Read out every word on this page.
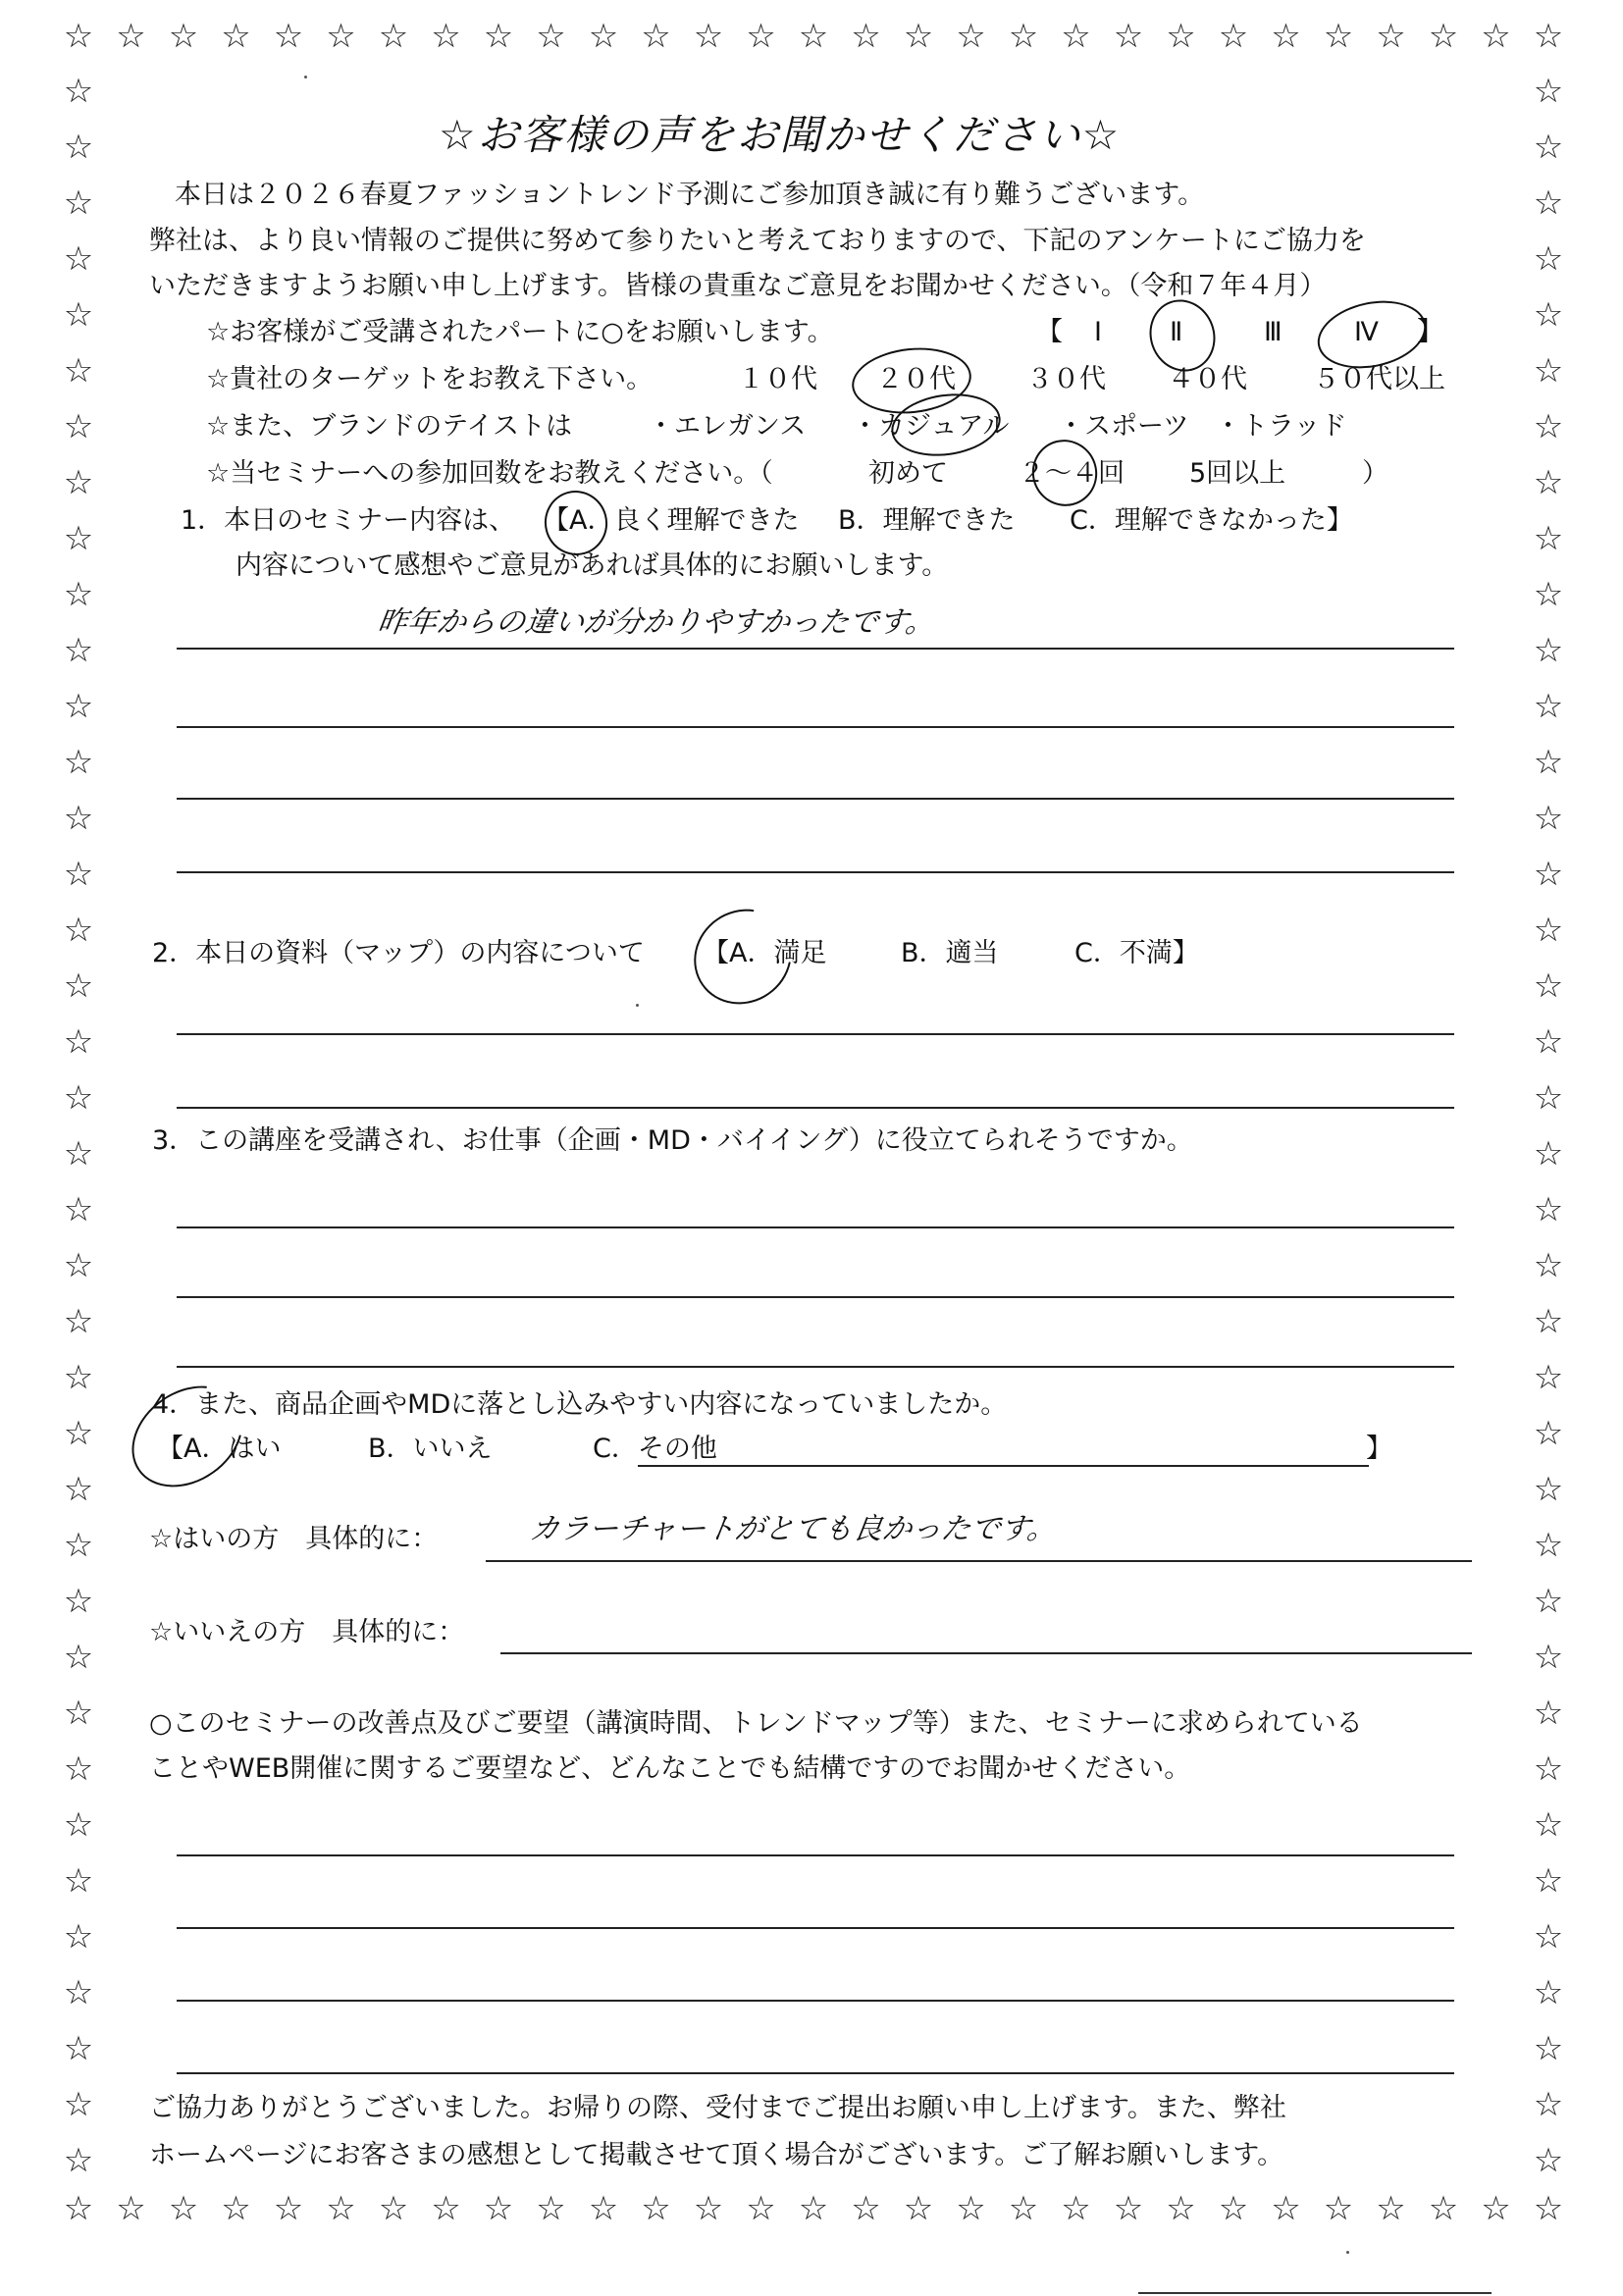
☆ ☆ ☆ ☆ ☆ ☆ ☆ ☆ ☆ ☆ ☆ ☆ ☆ ☆ ☆ ☆ ☆ ☆ ☆ ☆ ☆ ☆ ☆ ☆ ☆ ☆ ☆ ☆ ☆
☆ ☆ ☆ ☆ ☆ ☆ ☆ ☆ ☆ ☆ ☆ ☆ ☆ ☆ ☆ ☆ ☆ ☆ ☆ ☆ ☆ ☆ ☆ ☆ ☆ ☆ ☆ ☆ ☆
☆
☆
☆
☆
☆
☆
☆
☆
☆
☆
☆
☆
☆
☆
☆
☆
☆
☆
☆
☆
☆
☆
☆
☆
☆
☆
☆
☆
☆
☆
☆
☆
☆
☆
☆
☆
☆
☆
☆
☆
☆
☆
☆
☆
☆
☆
☆
☆
☆
☆
☆
☆
☆
☆
☆
☆
☆
☆
☆
☆
☆
☆
☆
☆
☆
☆
☆
☆
☆
☆
☆
☆
☆
☆
☆
☆
☆お客様の声をお聞かせください☆
本日は２０２６春夏ファッショントレンド予測にご参加頂き誠に有り難うございます。
弊社は、より良い情報のご提供に努めて参りたいと考えておりますので、下記のアンケートにご協力を
いただきますようお願い申し上げます。皆様の貴重なご意見をお聞かせください。（令和７年４月）
☆お客様がご受講されたパートに○をお願いします。	【 Ⅰ	Ⅱ	Ⅲ	Ⅳ 】
☆貴社のターゲットをお教え下さい。	１０代 ２０代	３０代 ４０代 ５０代以上
☆また、ブランドのテイストは	・エレガンス ・カジュアル ・スポーツ ・トラッド
☆当セミナーへの参加回数をお教えください。（	初めて	２～４回 5回以上	）
1．本日のセミナー内容は、 【A．良く理解できた B．理解できた C．理解できなかった】
内容について感想やご意見があれば具体的にお願いします。
昨年からの違いが分かりやすかったです。
2．本日の資料（マップ）の内容について 【A．満足	B．適当	C．不満】
3．この講座を受講され、お仕事（企画・MD・バイイング）に役立てられそうですか。
4．また、商品企画やMDに落とし込みやすい内容になっていましたか。
【A．はい	B．いいえ	C．その他	】
☆はいの方　具体的に：	カラーチャートがとても良かったです。
☆いいえの方　具体的に：
○このセミナーの改善点及びご要望（講演時間、トレンドマップ等）また、セミナーに求められている
ことやWEB開催に関するご要望など、どんなことでも結構ですのでお聞かせください。
ご協力ありがとうございました。お帰りの際、受付までご提出お願い申し上げます。また、弊社
ホームページにお客さまの感想として掲載させて頂く場合がございます。ご了解お願いします。
